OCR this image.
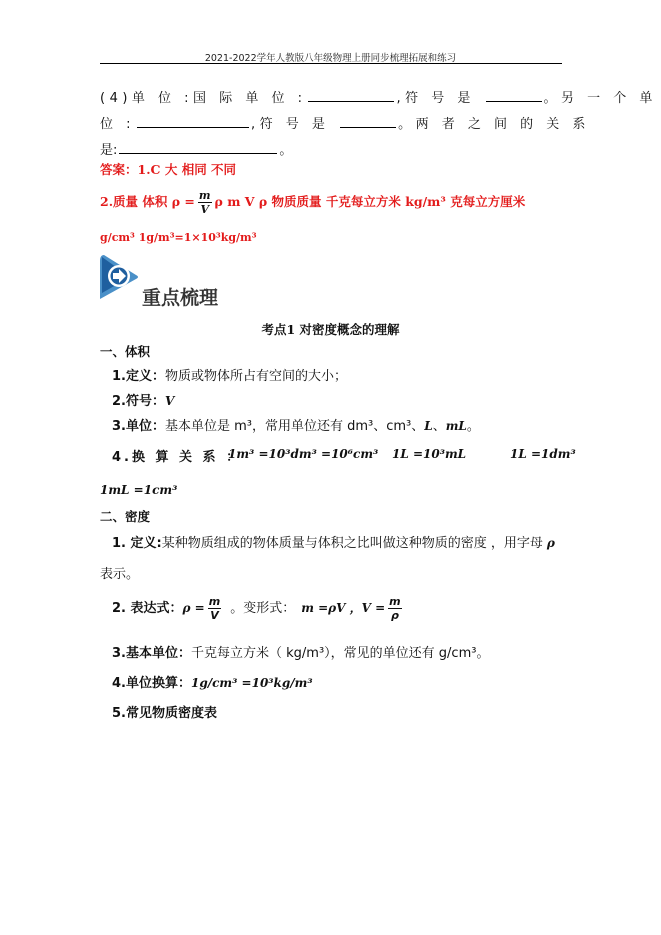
2021-2022学年人教版八年级物理上册同步梳理拓展和练习
(4)单 位 :国 际 单 位 :	,符 号 是	。另 一 个 单
位 :	,符 号 是	。两 者 之 间 的 关 系
是:	。
答案：1.C 大 相同 不同
2.质量 体积 $\rho = \frac{m}{V}$ ρ m V ρ 物质质量 千克每立方米 kg/m³ 克每立方厘米
g/cm³ 1g/m³=1×10³kg/m³
重点梳理
考点1 对密度概念的理解
一、体积
1.定义：物质或物体所占有空间的大小；
2.符号：V
3.单位：基本单位是 m³，常用单位还有 dm³、cm³、L、mL。
4.换 算 关 系 ：
1m³ =10³dm³ =10⁶cm³ 1L =10³mL	1L =1dm³
1mL =1cm³
二、密度
1. 定义:某种物质组成的物体质量与体积之比叫做这种物质的密度 ，用字母 ρ
表示。
2. 表达式：$\rho = \frac{m}{V}$ 。变形式： m =ρV ，$V = \frac{m}{\rho}$
3.基本单位：千克每立方米（ kg/m³），常见的单位还有 g/cm³。
4.单位换算：1g/cm³ =10³kg/m³
5.常见物质密度表
